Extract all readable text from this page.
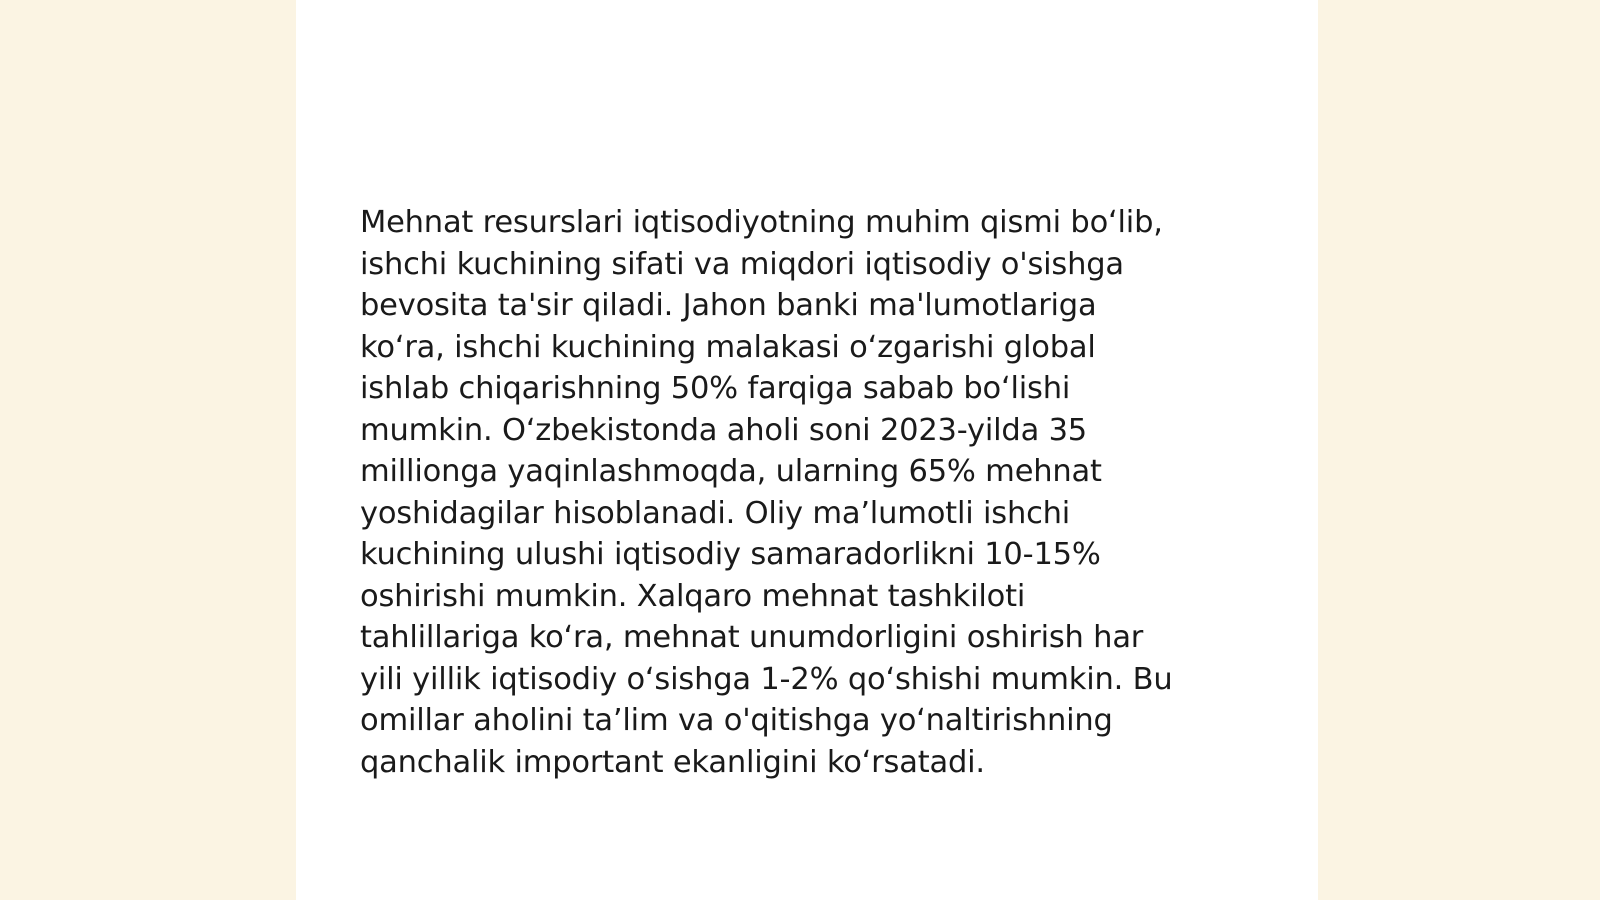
Mehnat resurslari iqtisodiyotning muhim qismi bo‘lib,
ishchi kuchining sifati va miqdori iqtisodiy o'sishga
bevosita ta'sir qiladi. Jahon banki ma'lumotlariga
ko‘ra, ishchi kuchining malakasi o‘zgarishi global
ishlab chiqarishning 50% farqiga sabab bo‘lishi
mumkin. O‘zbekistonda aholi soni 2023-yilda 35
millionga yaqinlashmoqda, ularning 65% mehnat
yoshidagilar hisoblanadi. Oliy ma’lumotli ishchi
kuchining ulushi iqtisodiy samaradorlikni 10-15%
oshirishi mumkin. Xalqaro mehnat tashkiloti
tahlillariga ko‘ra, mehnat unumdorligini oshirish har
yili yillik iqtisodiy o‘sishga 1-2% qo‘shishi mumkin. Bu
omillar aholini ta’lim va o'qitishga yo‘naltirishning
qanchalik important ekanligini ko‘rsatadi.
